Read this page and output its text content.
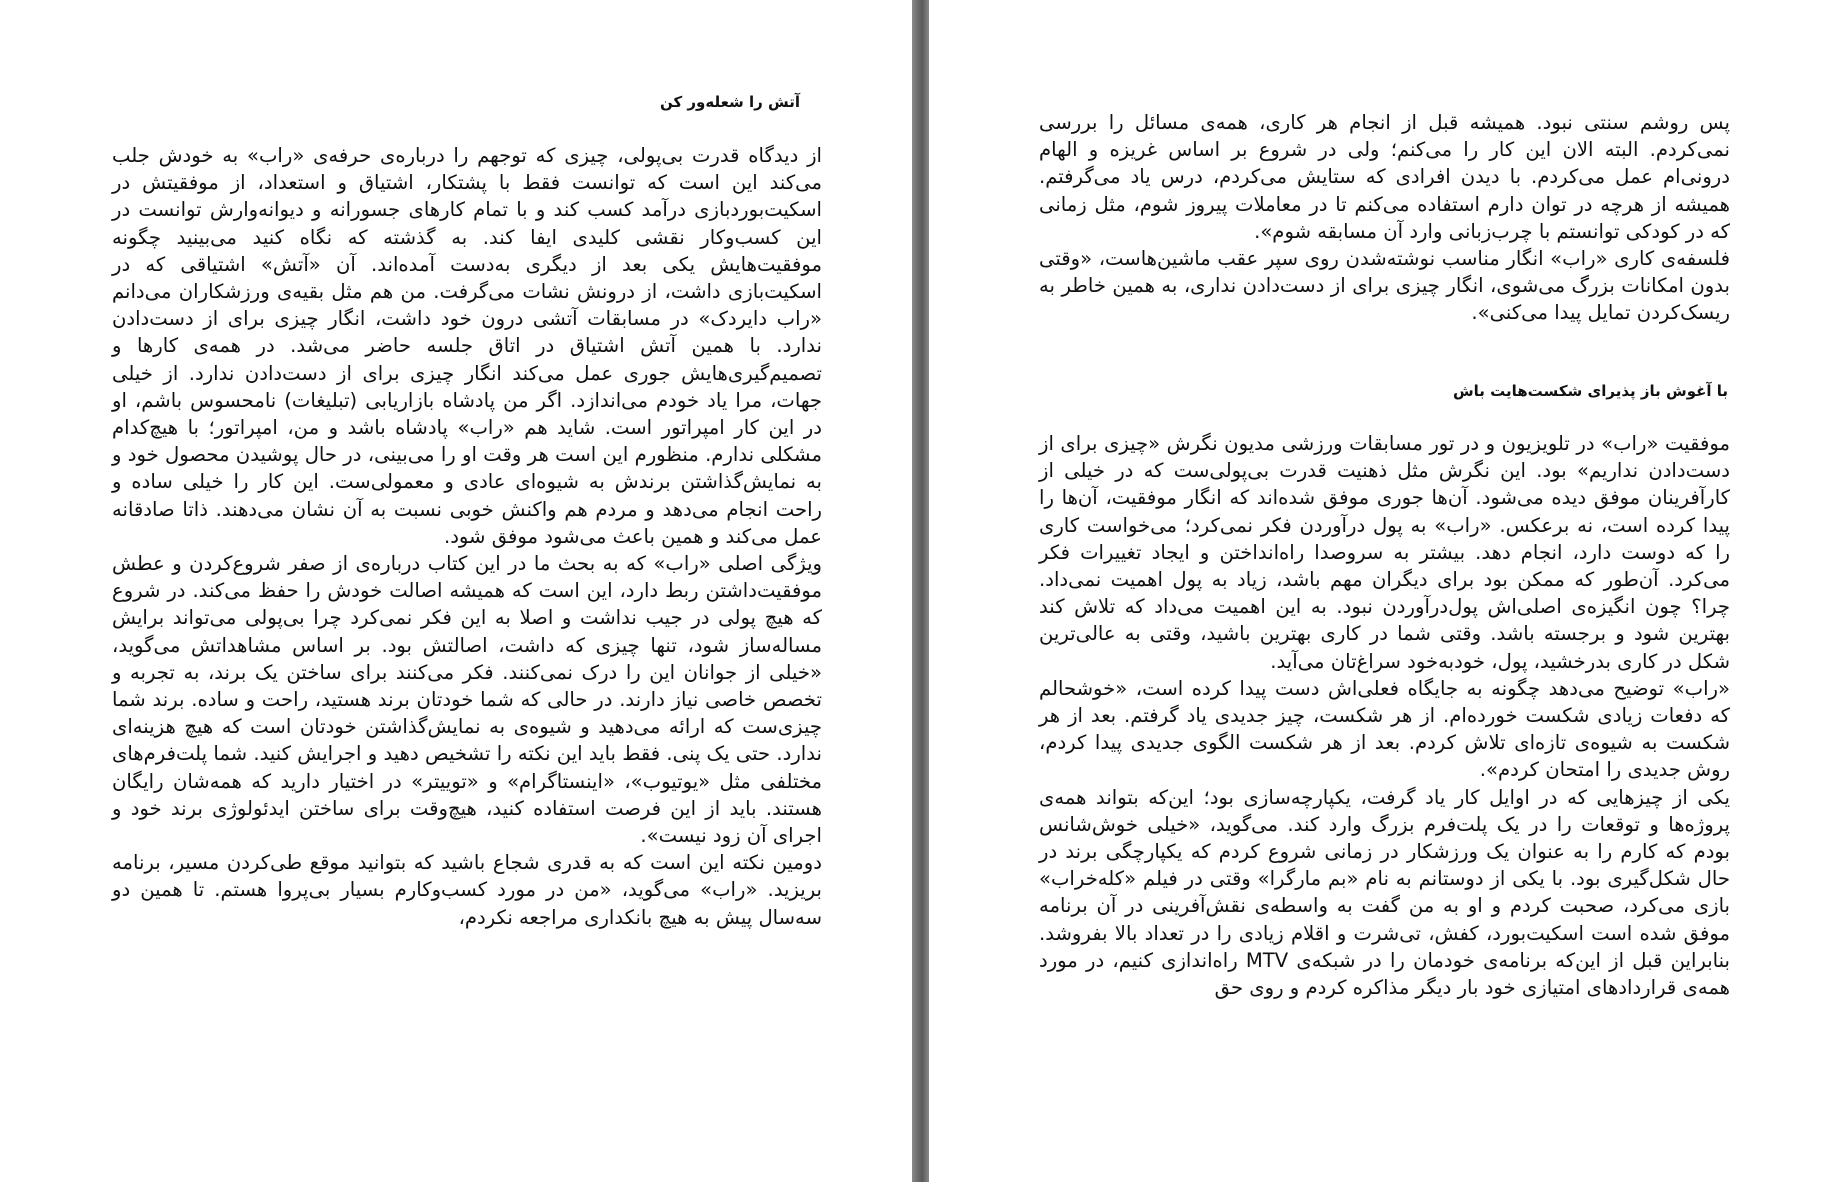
آتش را شعله‌ور کن

از دیدگاه قدرت بی‌پولی، چیزی که توجهم را درباره‌ی حرفه‌ی «راب» به خودش جلب می‌کند این است که توانست فقط با پشتکار، اشتیاق و استعداد، از موفقیتش در اسکیت‌بوردبازی درآمد کسب کند و با تمام کارهای جسورانه و دیوانه‌وارش توانست در این کسب‌وکار نقشی کلیدی ایفا کند. به گذشته که نگاه کنید می‌بینید چگونه موفقیت‌هایش یکی بعد از دیگری به‌دست آمده‌اند. آن «آتش» اشتیاقی که در اسکیت‌بازی داشت، از درونش نشات می‌گرفت. من هم مثل بقیه‌ی ورزشکاران می‌دانم «راب دایردک» در مسابقات آتشی درون خود داشت، انگار چیزی برای از دست‌دادن ندارد. با همین آتش اشتیاق در اتاق جلسه حاضر می‌شد. در همه‌ی کارها و تصمیم‌گیری‌هایش جوری عمل می‌کند انگار چیزی برای از دست‌دادن ندارد. از خیلی جهات، مرا یاد خودم می‌اندازد. اگر من پادشاه بازاریابی (تبلیغات) نامحسوس باشم، او در این کار امپراتور است. شاید هم «راب» پادشاه باشد و من، امپراتور؛ با هیچ‌کدام مشکلی ندارم. منظورم این است هر وقت او را می‌بینی، در حال پوشیدن محصول خود و به نمایش‌گذاشتن برندش به شیوه‌ای عادی و معمولی‌ست. این کار را خیلی ساده و راحت انجام می‌دهد و مردم هم واکنش خوبی نسبت به آن نشان می‌دهند. ذاتا صادقانه عمل می‌کند و همین باعث می‌شود موفق شود.

ویژگی اصلی «راب» که به بحث ما در این کتاب درباره‌ی از صفر شروع‌کردن و عطش موفقیت‌داشتن ربط دارد، این است که همیشه اصالت خودش را حفظ می‌کند. در شروع که هیچ پولی در جیب نداشت و اصلا به این فکر نمی‌کرد چرا بی‌پولی می‌تواند برایش مساله‌ساز شود، تنها چیزی که داشت، اصالتش بود. بر اساس مشاهداتش می‌گوید، «خیلی از جوانان این را درک نمی‌کنند. فکر می‌کنند برای ساختن یک برند، به تجربه و تخصص خاصی نیاز دارند. در حالی که شما خودتان برند هستید، راحت و ساده. برند شما چیزی‌ست که ارائه می‌دهید و شیوه‌ی به نمایش‌گذاشتن خودتان است که هیچ هزینه‌ای ندارد. حتی یک پنی. فقط باید این نکته را تشخیص دهید و اجرایش کنید. شما پلت‌فرم‌های مختلفی مثل «یوتیوب»، «اینستاگرام» و «توییتر» در اختیار دارید که همه‌شان رایگان هستند. باید از این فرصت استفاده کنید، هیچ‌وقت برای ساختن ایدئولوژی برند خود و اجرای آن زود نیست».

دومین نکته این است که به قدری شجاع باشید که بتوانید موقع طی‌کردن مسیر، برنامه بریزید. «راب» می‌گوید، «من در مورد کسب‌وکارم بسیار بی‌پروا هستم. تا همین دو سه‌سال پیش به هیچ بانکداری مراجعه نکردم،

پس روشم سنتی نبود. همیشه قبل از انجام هر کاری، همه‌ی مسائل را بررسی نمی‌کردم. البته الان این کار را می‌کنم؛ ولی در شروع بر اساس غریزه و الهام درونی‌ام عمل می‌کردم. با دیدن افرادی که ستایش می‌کردم، درس یاد می‌گرفتم. همیشه از هرچه در توان دارم استفاده می‌کنم تا در معاملات پیروز شوم، مثل زمانی که در کودکی توانستم با چرب‌زبانی وارد آن مسابقه شوم».

فلسفه‌ی کاری «راب» انگار مناسب نوشته‌شدن روی سپر عقب ماشین‌هاست، «وقتی بدون امکانات بزرگ می‌شوی، انگار چیزی برای از دست‌دادن نداری، به همین خاطر به ریسک‌کردن تمایل پیدا می‌کنی».

با آغوش باز پذیرای شکست‌هایت باش

موفقیت «راب» در تلویزیون و در تور مسابقات ورزشی مدیون نگرش «چیزی برای از دست‌دادن نداریم» بود. این نگرش مثل ذهنیت قدرت بی‌پولی‌ست که در خیلی از کارآفرینان موفق دیده می‌شود. آن‌ها جوری موفق شده‌اند که انگار موفقیت، آن‌ها را پیدا کرده است، نه برعکس. «راب» به پول درآوردن فکر نمی‌کرد؛ می‌خواست کاری را که دوست دارد، انجام دهد. بیشتر به سروصدا راه‌انداختن و ایجاد تغییرات فکر می‌کرد. آن‌طور که ممکن بود برای دیگران مهم باشد، زیاد به پول اهمیت نمی‌داد. چرا؟ چون انگیزه‌ی اصلی‌اش پول‌درآوردن نبود. به این اهمیت می‌داد که تلاش کند بهترین شود و برجسته باشد. وقتی شما در کاری بهترین باشید، وقتی به عالی‌ترین شکل در کاری بدرخشید، پول، خودبه‌خود سراغ‌تان می‌آید.

«راب» توضیح می‌دهد چگونه به جایگاه فعلی‌اش دست پیدا کرده است، «خوشحالم که دفعات زیادی شکست خورده‌ام. از هر شکست، چیز جدیدی یاد گرفتم. بعد از هر شکست به شیوه‌ی تازه‌ای تلاش کردم. بعد از هر شکست الگوی جدیدی پیدا کردم، روش جدیدی را امتحان کردم».

یکی از چیزهایی که در اوایل کار یاد گرفت، یکپارچه‌سازی بود؛ این‌که بتواند همه‌ی پروژه‌ها و توقعات را در یک پلت‌فرم بزرگ وارد کند. می‌گوید، «خیلی خوش‌شانس بودم که کارم را به عنوان یک ورزشکار در زمانی شروع کردم که یکپارچگی برند در حال شکل‌گیری بود. با یکی از دوستانم به نام «بم مارگرا» وقتی در فیلم «کله‌خراب» بازی می‌کرد، صحبت کردم و او به من گفت به واسطه‌ی نقش‌آفرینی در آن برنامه موفق شده است اسکیت‌بورد، کفش، تی‌شرت و اقلام زیادی را در تعداد بالا بفروشد. بنابراین قبل از این‌که برنامه‌ی خودمان را در شبکه‌ی MTV راه‌اندازی کنیم، در مورد همه‌ی قراردادهای امتیازی خود بار دیگر مذاکره کردم و روی حق
